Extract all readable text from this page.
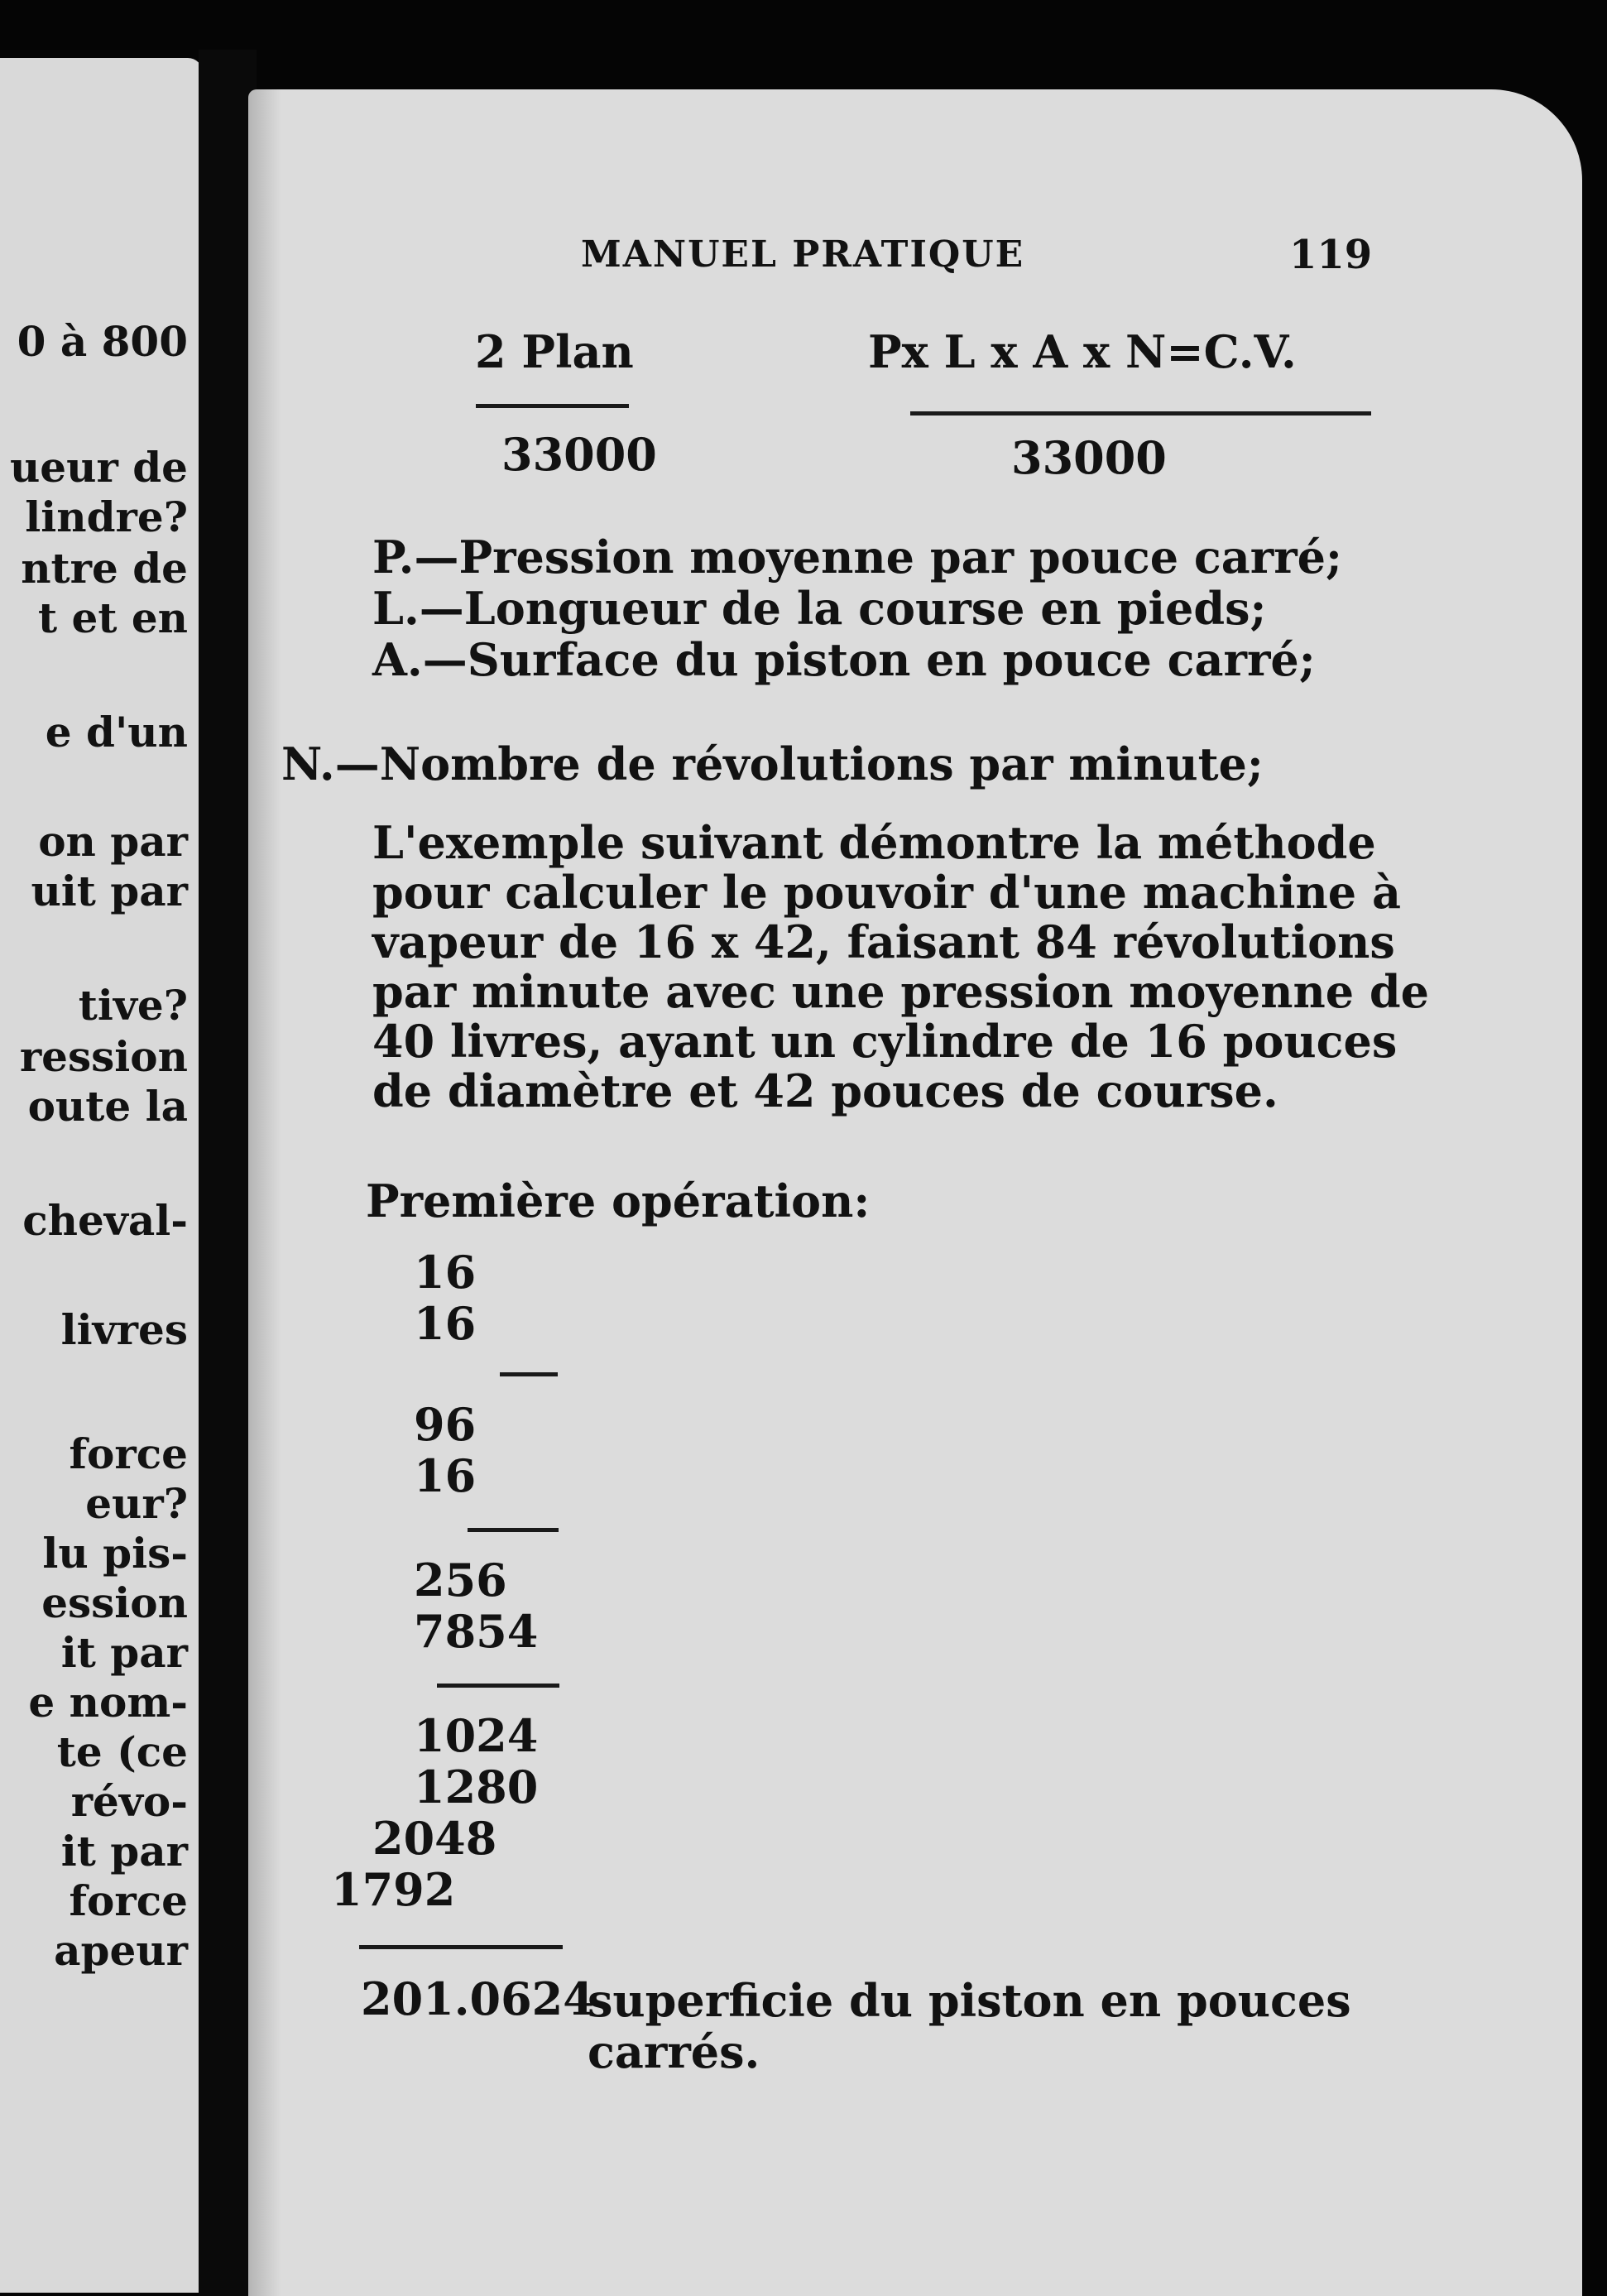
0 à 800
ueur de
lindre?
ntre de
t et en
e d'un
on par
uit par
tive?
ression
oute la
cheval-
livres
force
eur?
lu pis-
ession
it par
e nom-
te (ce
révo-
it par
force
apeur
MANUEL PRATIQUE	119
2 Plan
33000
Px L x A x N=C.V.
33000
P.—Pression moyenne par pouce carré;
L.—Longueur de la course en pieds;
A.—Surface du piston en pouce carré;
N.—Nombre de révolutions par minute;
L'exemple suivant démontre la méthode
pour calculer le pouvoir d'une machine à
vapeur de 16 x 42, faisant 84 révolutions
par minute avec une pression moyenne de
40 livres, ayant un cylindre de 16 pouces
de diamètre et 42 pouces de course.
Première opération:
16
16
96
16
256
7854
1024
1280
2048
1792
201.0624
superficie du piston en pouces
carrés.
